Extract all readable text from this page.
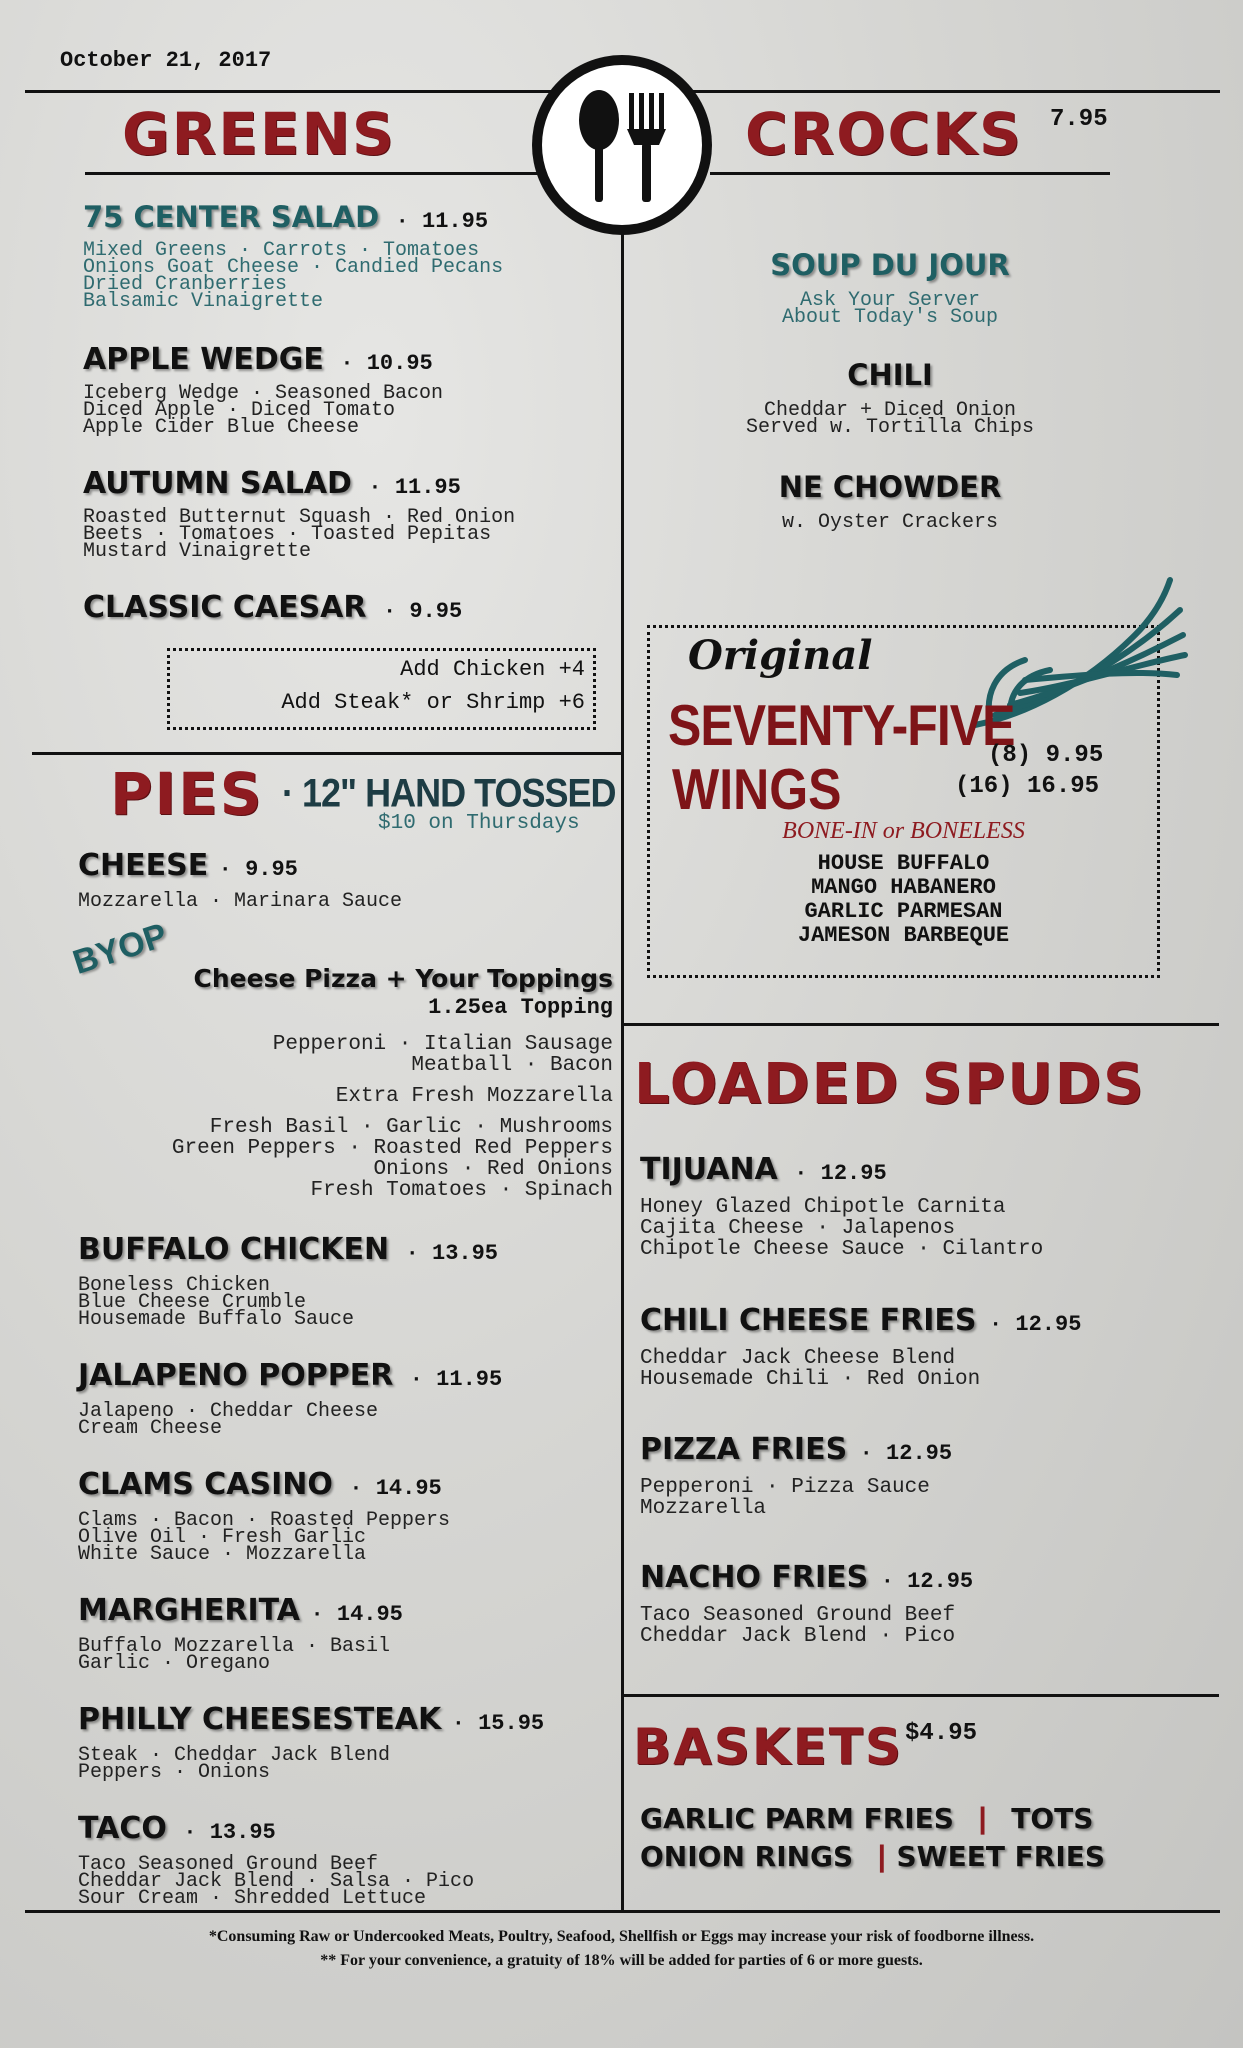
October 21, 2017
GREENS
75 CENTER SALAD · 11.95
Mixed Greens · Carrots · Tomatoes
Onions Goat Cheese · Candied Pecans
Dried Cranberries
Balsamic Vinaigrette
APPLE WEDGE · 10.95
Iceberg Wedge · Seasoned Bacon
Diced Apple · Diced Tomato
Apple Cider Blue Cheese
AUTUMN SALAD · 11.95
Roasted Butternut Squash · Red Onion
Beets · Tomatoes · Toasted Pepitas
Mustard Vinaigrette
CLASSIC CAESAR · 9.95
Add Chicken +4
Add Steak* or Shrimp +6
CROCKS 7.95
SOUP DU JOUR
Ask Your Server
About Today's Soup
CHILI
Cheddar + Diced Onion
Served w. Tortilla Chips
NE CHOWDER
w. Oyster Crackers
Original
SEVENTY-FIVE
WINGS
(8) 9.95
(16) 16.95
BONE-IN or BONELESS
HOUSE BUFFALO
MANGO HABANERO
GARLIC PARMESAN
JAMESON BARBEQUE
PIES · 12" HAND TOSSED
$10 on Thursdays
CHEESE · 9.95
Mozzarella · Marinara Sauce
BYOP Cheese Pizza + Your Toppings
1.25ea Topping
Pepperoni · Italian Sausage
Meatball · Bacon
Extra Fresh Mozzarella
Fresh Basil · Garlic · Mushrooms
Green Peppers · Roasted Red Peppers
Onions · Red Onions
Fresh Tomatoes · Spinach
BUFFALO CHICKEN · 13.95
Boneless Chicken
Blue Cheese Crumble
Housemade Buffalo Sauce
JALAPENO POPPER · 11.95
Jalapeno · Cheddar Cheese
Cream Cheese
CLAMS CASINO · 14.95
Clams · Bacon · Roasted Peppers
Olive Oil · Fresh Garlic
White Sauce · Mozzarella
MARGHERITA · 14.95
Buffalo Mozzarella · Basil
Garlic · Oregano
PHILLY CHEESESTEAK · 15.95
Steak · Cheddar Jack Blend
Peppers · Onions
TACO · 13.95
Taco Seasoned Ground Beef
Cheddar Jack Blend · Salsa · Pico
Sour Cream · Shredded Lettuce
LOADED SPUDS
TIJUANA · 12.95
Honey Glazed Chipotle Carnita
Cajita Cheese · Jalapenos
Chipotle Cheese Sauce · Cilantro
CHILI CHEESE FRIES · 12.95
Cheddar Jack Cheese Blend
Housemade Chili · Red Onion
PIZZA FRIES · 12.95
Pepperoni · Pizza Sauce
Mozzarella
NACHO FRIES · 12.95
Taco Seasoned Ground Beef
Cheddar Jack Blend · Pico
BASKETS $4.95
GARLIC PARM FRIES | TOTS
ONION RINGS | SWEET FRIES
*Consuming Raw or Undercooked Meats, Poultry, Seafood, Shellfish or Eggs may increase your risk of foodborne illness.
** For your convenience, a gratuity of 18% will be added for parties of 6 or more guests.
